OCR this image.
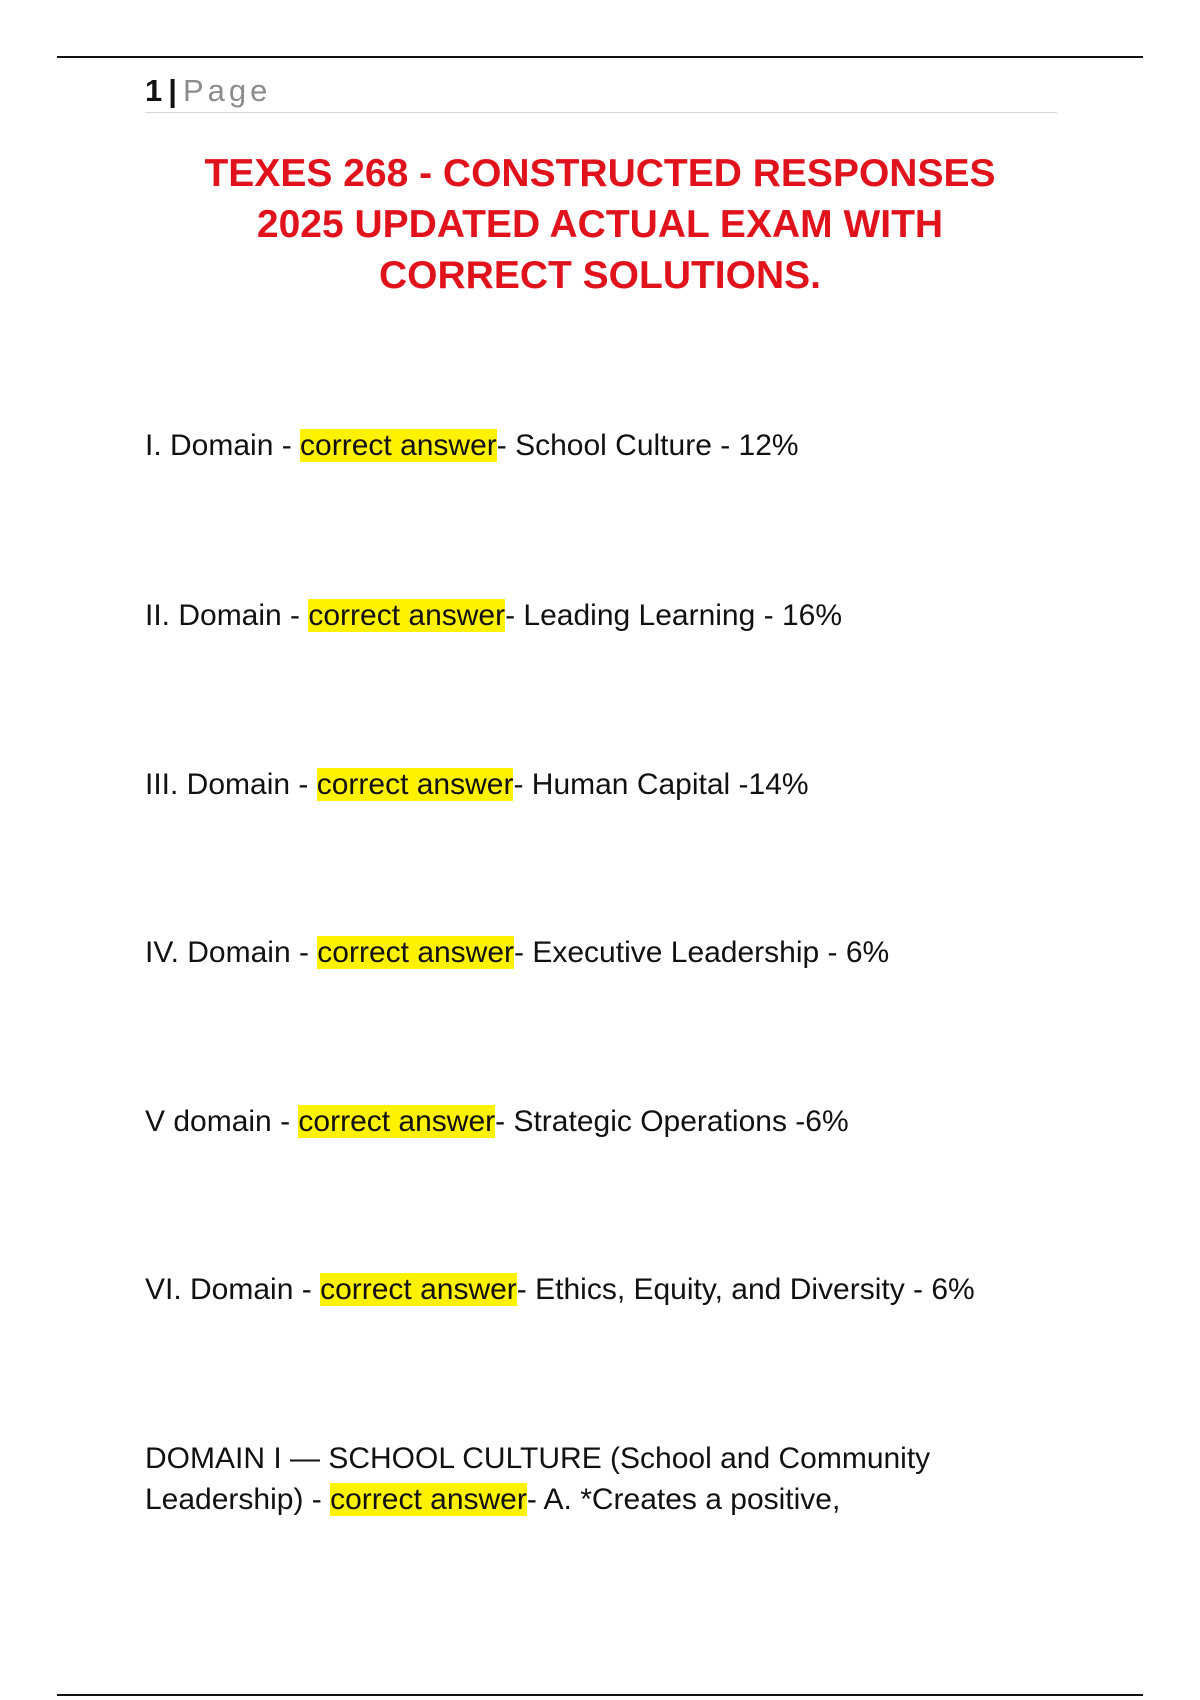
1 | Page
TEXES 268 - CONSTRUCTED RESPONSES
2025 UPDATED ACTUAL EXAM WITH
CORRECT SOLUTIONS.
I. Domain - correct answer- School Culture - 12%
II. Domain - correct answer- Leading Learning - 16%
III. Domain - correct answer- Human Capital -14%
IV. Domain - correct answer- Executive Leadership - 6%
V domain - correct answer- Strategic Operations -6%
VI. Domain - correct answer- Ethics, Equity, and Diversity - 6%
DOMAIN I — SCHOOL CULTURE (School and Community
Leadership) - correct answer- A. *Creates a positive,
